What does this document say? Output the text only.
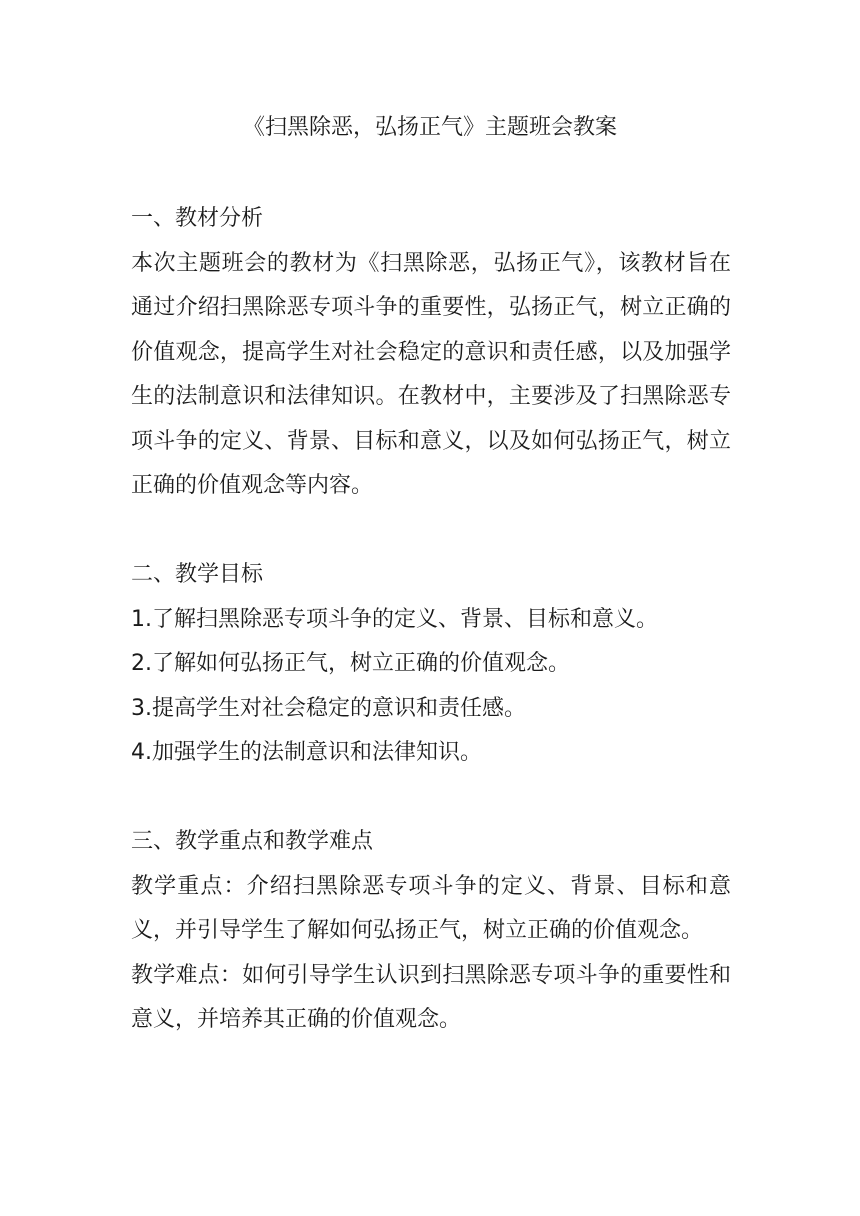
《扫黑除恶，弘扬正气》主题班会教案

一、教材分析

本次主题班会的教材为《扫黑除恶，弘扬正气》，该教材旨在通过介绍扫黑除恶专项斗争的重要性，弘扬正气，树立正确的价值观念，提高学生对社会稳定的意识和责任感，以及加强学生的法制意识和法律知识。在教材中，主要涉及了扫黑除恶专项斗争的定义、背景、目标和意义，以及如何弘扬正气，树立正确的价值观念等内容。

二、教学目标

1.了解扫黑除恶专项斗争的定义、背景、目标和意义。

2.了解如何弘扬正气，树立正确的价值观念。

3.提高学生对社会稳定的意识和责任感。

4.加强学生的法制意识和法律知识。

三、教学重点和教学难点

教学重点：介绍扫黑除恶专项斗争的定义、背景、目标和意义，并引导学生了解如何弘扬正气，树立正确的价值观念。

教学难点：如何引导学生认识到扫黑除恶专项斗争的重要性和意义，并培养其正确的价值观念。
